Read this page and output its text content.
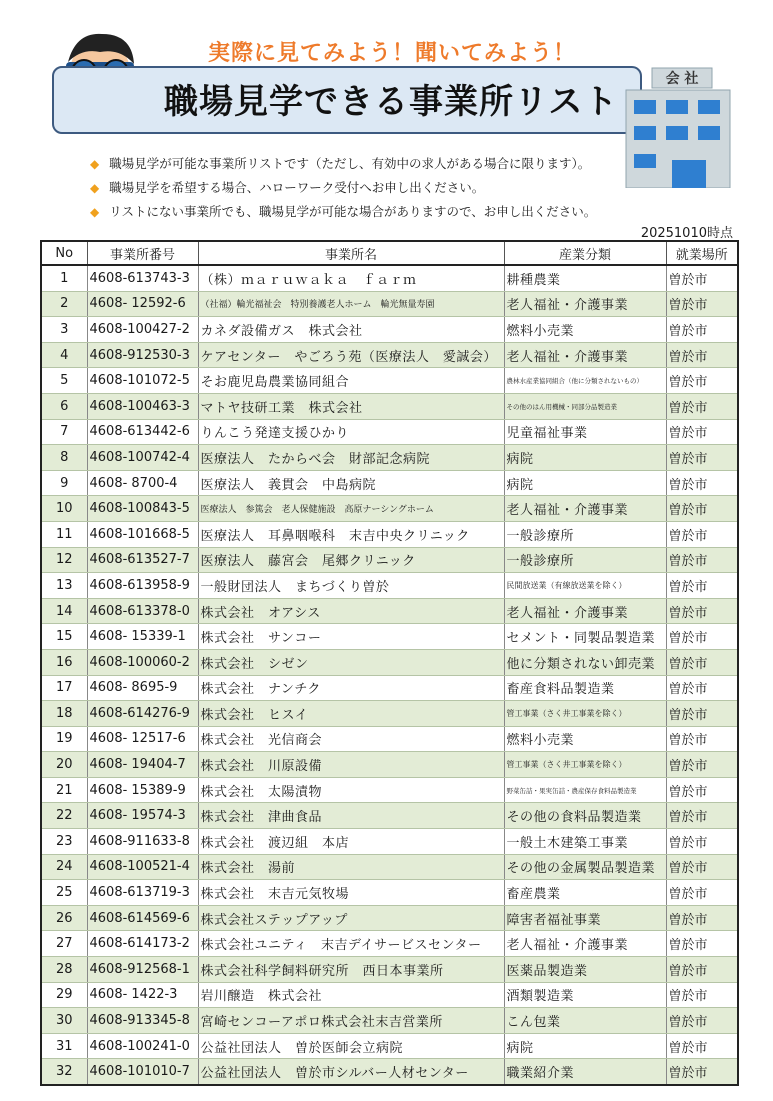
実際に見てみよう！聞いてみよう！
職場見学できる事業所リスト
会 社
◆ 職場見学が可能な事業所リストです（ただし、有効中の求人がある場合に限ります）。
◆ 職場見学を希望する場合、ハローワーク受付へお申し出ください。
◆ リストにない事業所でも、職場見学が可能な場合がありますので、お申し出ください。
20251010時点
No	事業所番号	事業所名	産業分類	就業場所
1	4608-613743-3	（株）ｍａｒｕｗａｋａ　ｆａｒｍ	耕種農業	曽於市
2	4608- 12592-6	（社福）輪光福祉会　特別養護老人ホーム　輪光無量寿園	老人福祉・介護事業	曽於市
3	4608-100427-2	カネダ設備ガス　株式会社	燃料小売業	曽於市
4	4608-912530-3	ケアセンター　やごろう苑（医療法人　愛誠会）	老人福祉・介護事業	曽於市
5	4608-101072-5	そお鹿児島農業協同組合	農林水産業協同組合（他に分類されないもの）	曽於市
6	4608-100463-3	マトヤ技研工業　株式会社	その他のはん用機械・同部分品製造業	曽於市
7	4608-613442-6	りんこう発達支援ひかり	児童福祉事業	曽於市
8	4608-100742-4	医療法人　たからべ会　財部記念病院	病院	曽於市
9	4608- 8700-4	医療法人　義貫会　中島病院	病院	曽於市
10	4608-100843-5	医療法人　参篤会　老人保健施設　高原ナーシングホーム	老人福祉・介護事業	曽於市
11	4608-101668-5	医療法人　耳鼻咽喉科　末吉中央クリニック	一般診療所	曽於市
12	4608-613527-7	医療法人　藤宮会　尾郷クリニック	一般診療所	曽於市
13	4608-613958-9	一般財団法人　まちづくり曽於	民間放送業（有線放送業を除く）	曽於市
14	4608-613378-0	株式会社　オアシス	老人福祉・介護事業	曽於市
15	4608- 15339-1	株式会社　サンコー	セメント・同製品製造業	曽於市
16	4608-100060-2	株式会社　シゼン	他に分類されない卸売業	曽於市
17	4608- 8695-9	株式会社　ナンチク	畜産食料品製造業	曽於市
18	4608-614276-9	株式会社　ヒスイ	管工事業（さく井工事業を除く）	曽於市
19	4608- 12517-6	株式会社　光信商会	燃料小売業	曽於市
20	4608- 19404-7	株式会社　川原設備	管工事業（さく井工事業を除く）	曽於市
21	4608- 15389-9	株式会社　太陽漬物	野菜缶詰・果実缶詰・農産保存食料品製造業	曽於市
22	4608- 19574-3	株式会社　津曲食品	その他の食料品製造業	曽於市
23	4608-911633-8	株式会社　渡辺組　本店	一般土木建築工事業	曽於市
24	4608-100521-4	株式会社　湯前	その他の金属製品製造業	曽於市
25	4608-613719-3	株式会社　末吉元気牧場	畜産農業	曽於市
26	4608-614569-6	株式会社ステップアップ	障害者福祉事業	曽於市
27	4608-614173-2	株式会社ユニティ　末吉デイサービスセンター	老人福祉・介護事業	曽於市
28	4608-912568-1	株式会社科学飼料研究所　西日本事業所	医薬品製造業	曽於市
29	4608- 1422-3	岩川醸造　株式会社	酒類製造業	曽於市
30	4608-913345-8	宮崎センコーアポロ株式会社末吉営業所	こん包業	曽於市
31	4608-100241-0	公益社団法人　曽於医師会立病院	病院	曽於市
32	4608-101010-7	公益社団法人　曽於市シルバー人材センター	職業紹介業	曽於市
